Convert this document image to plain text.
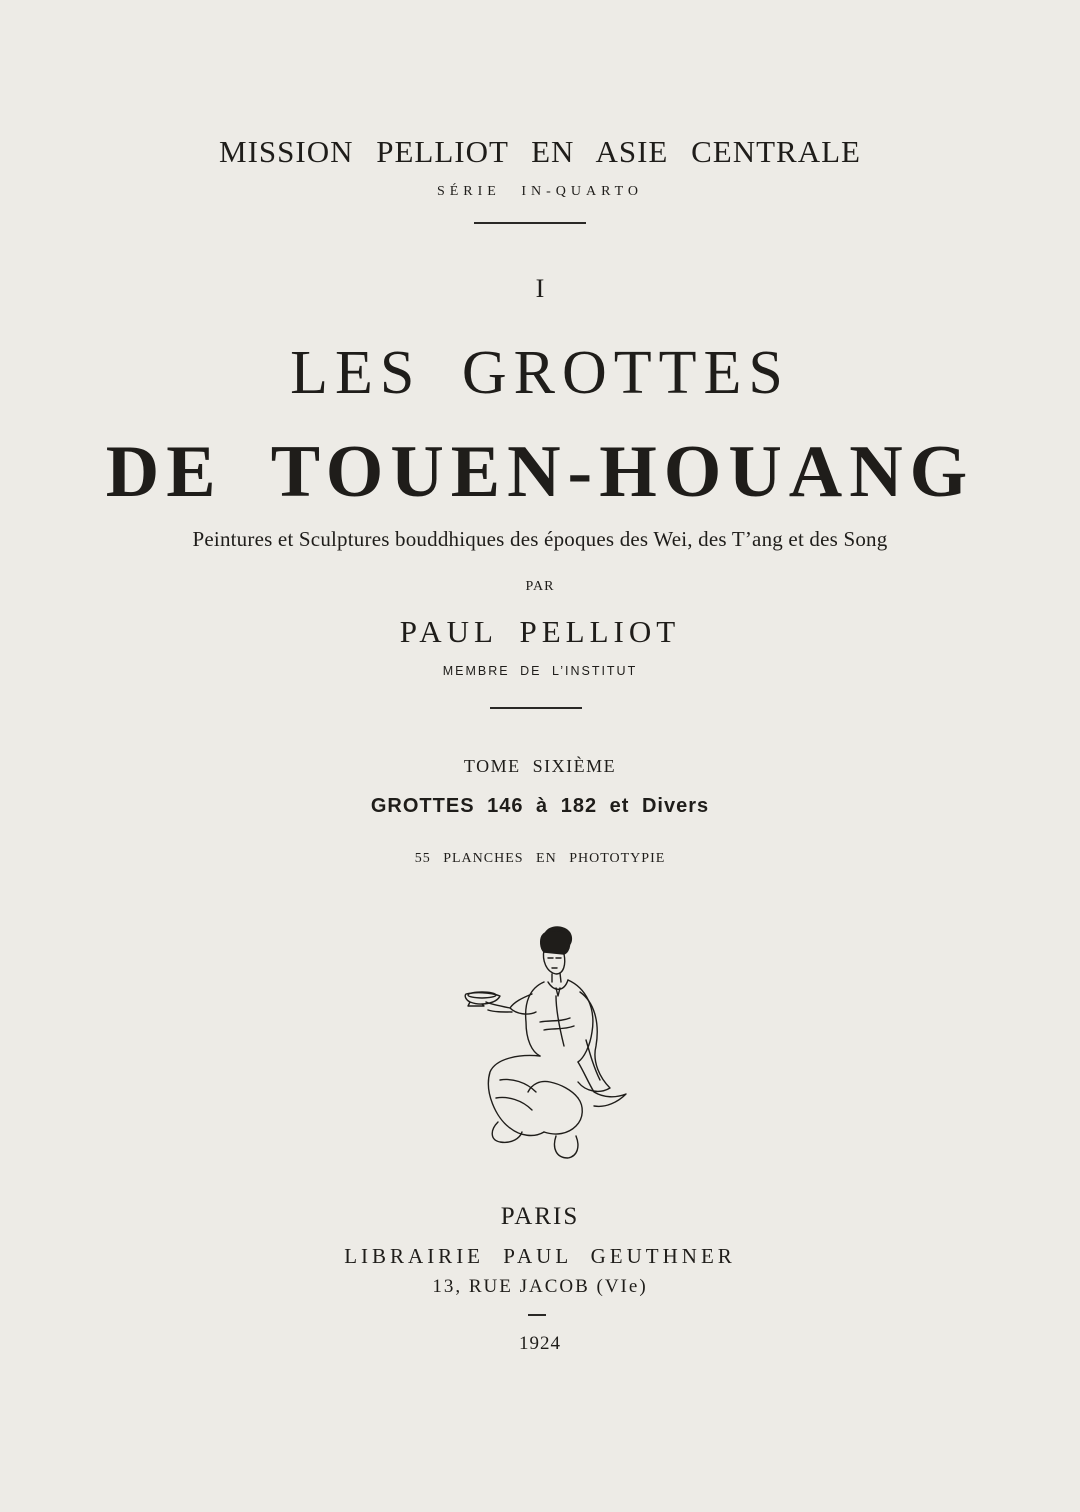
MISSION PELLIOT EN ASIE CENTRALE
SÉRIE IN-QUARTO
I
LES GROTTES
DE TOUEN-HOUANG
Peintures et Sculptures bouddhiques des époques des Wei, des T’ang et des Song
PAR
PAUL PELLIOT
MEMBRE DE L’INSTITUT
TOME SIXIÈME
GROTTES 146 à 182 et Divers
55 PLANCHES EN PHOTOTYPIE
PARIS
LIBRAIRIE PAUL GEUTHNER
13, RUE JACOB (VIe)
1924
